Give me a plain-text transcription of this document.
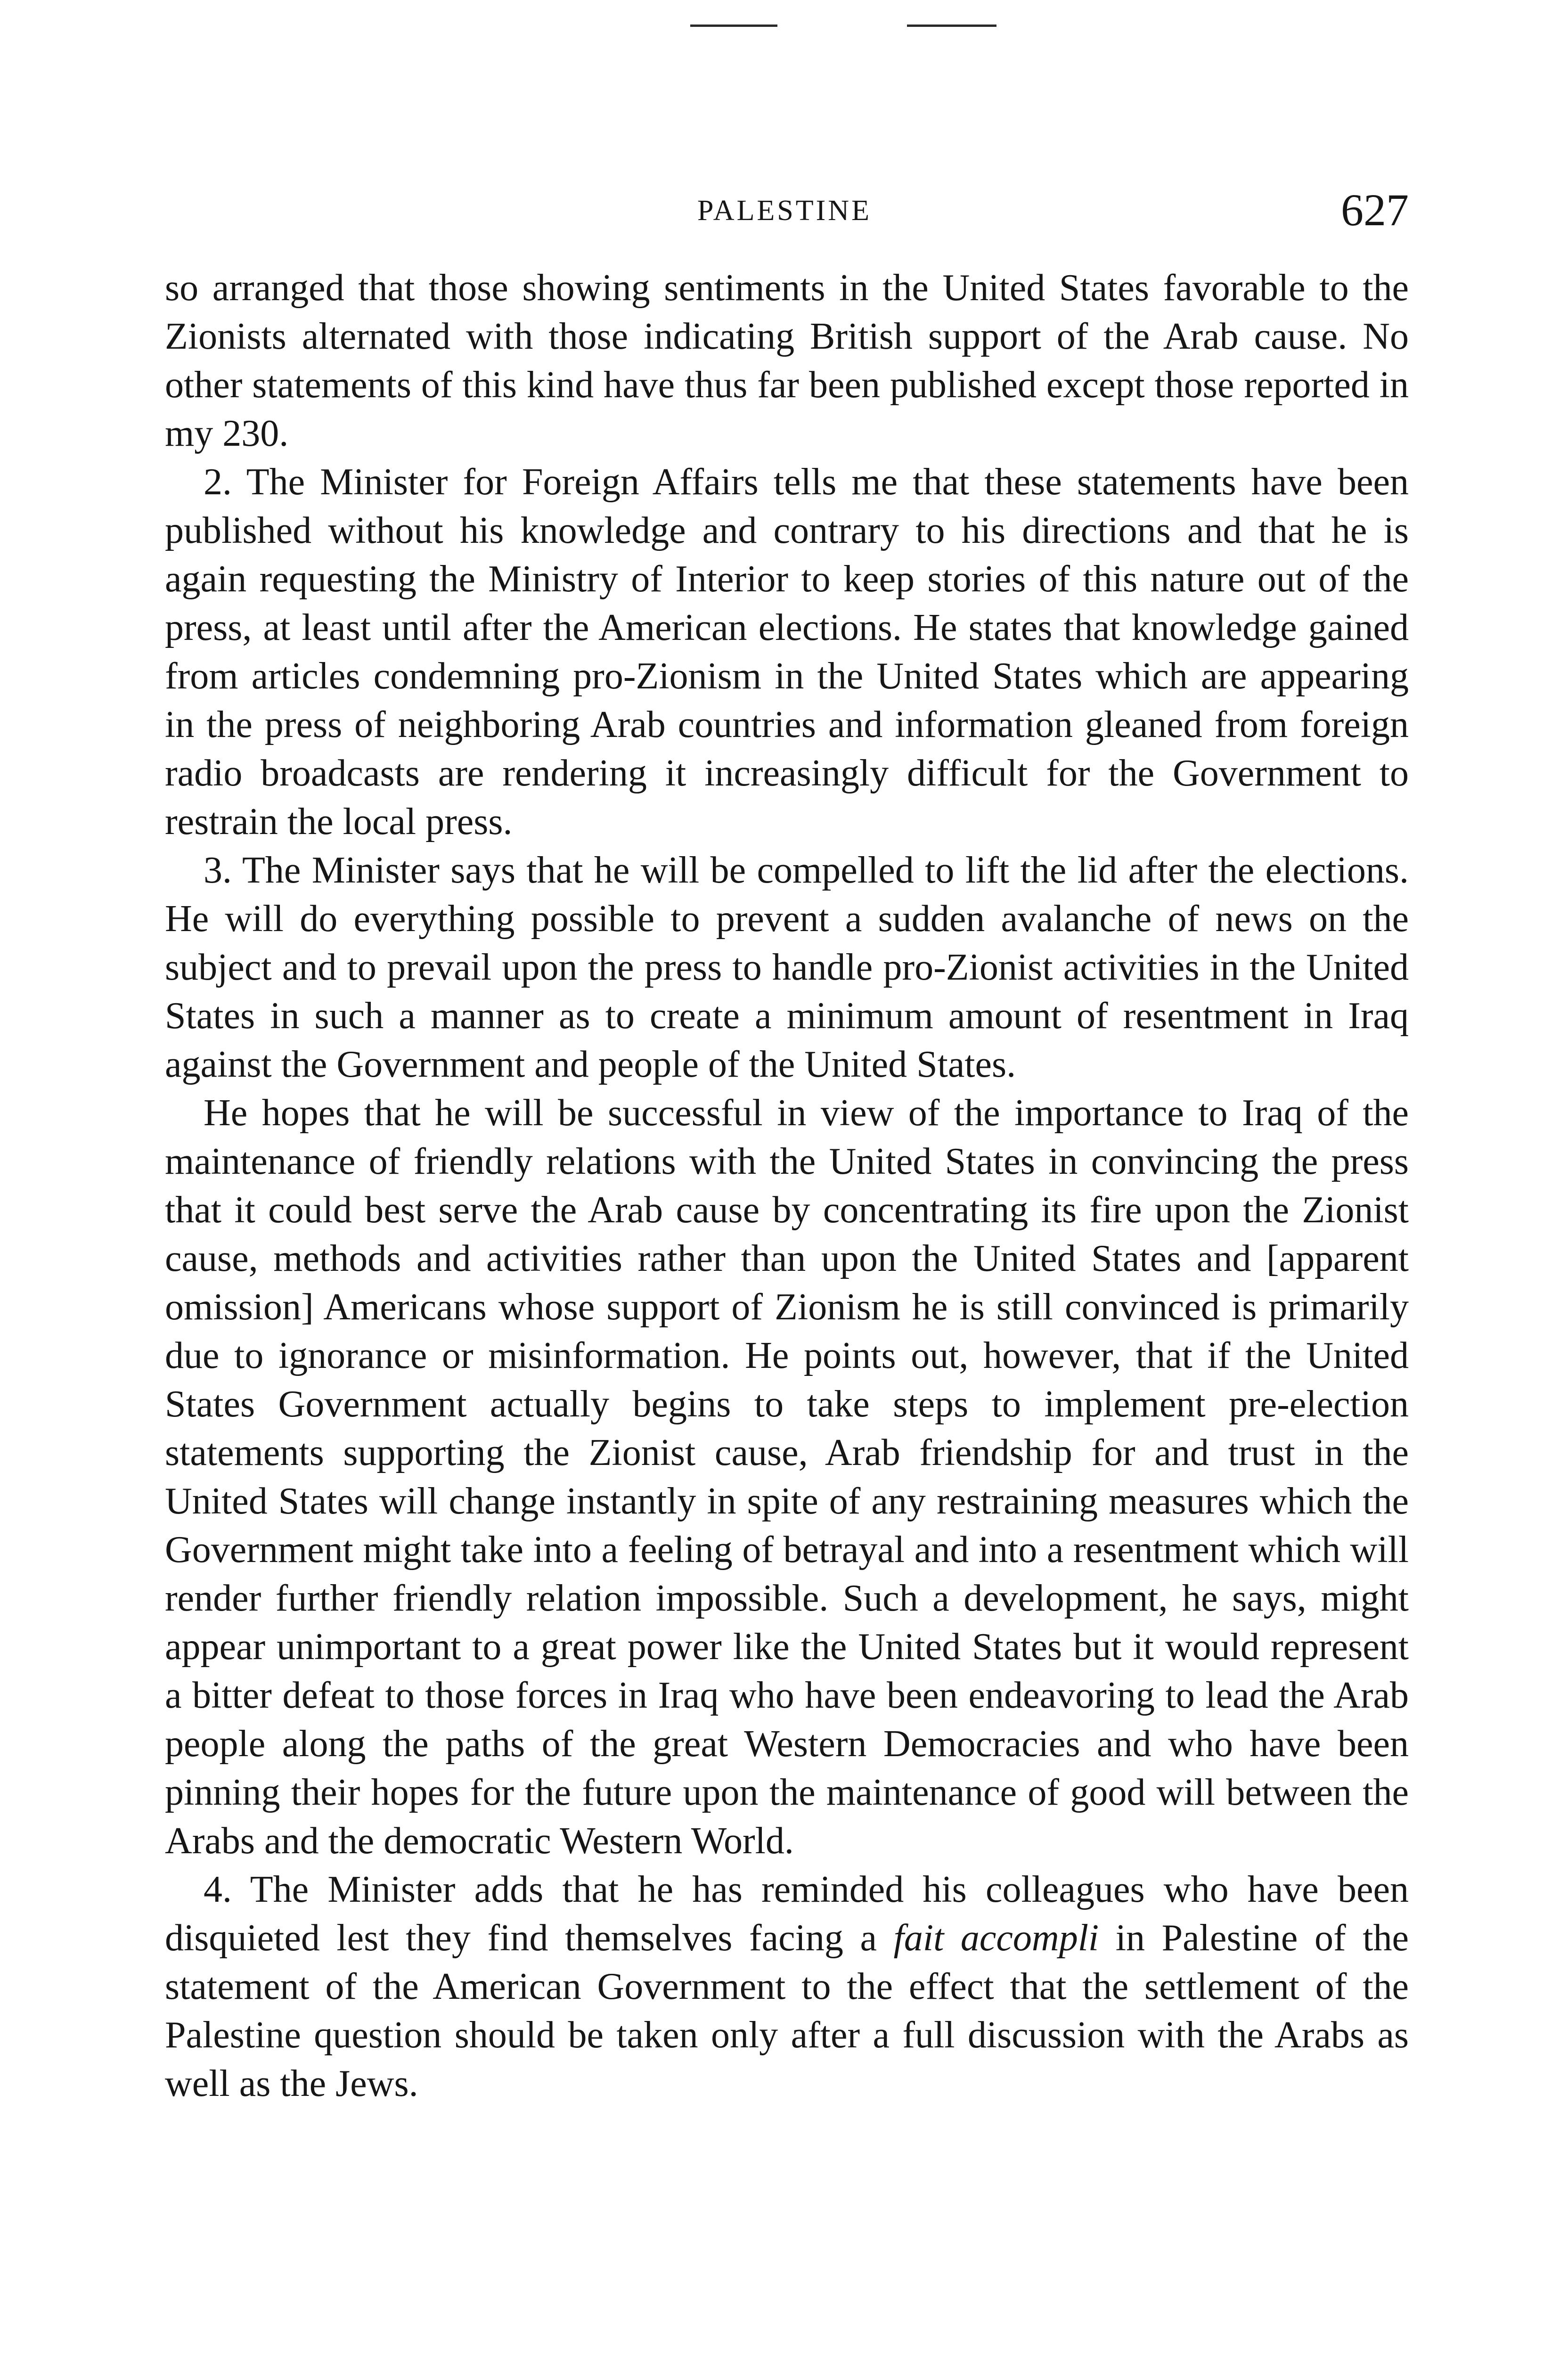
PALESTINE	627

so arranged that those showing sentiments in the United States favorable to the Zionists alternated with those indicating British support of the Arab cause. No other statements of this kind have thus far been published except those reported in my 230.

2. The Minister for Foreign Affairs tells me that these statements have been published without his knowledge and contrary to his directions and that he is again requesting the Ministry of Interior to keep stories of this nature out of the press, at least until after the American elections. He states that knowledge gained from articles condemning pro-Zionism in the United States which are appearing in the press of neighboring Arab countries and information gleaned from foreign radio broadcasts are rendering it increasingly difficult for the Government to restrain the local press.

3. The Minister says that he will be compelled to lift the lid after the elections. He will do everything possible to prevent a sudden avalanche of news on the subject and to prevail upon the press to handle pro-Zionist activities in the United States in such a manner as to create a minimum amount of resentment in Iraq against the Government and people of the United States.

He hopes that he will be successful in view of the importance to Iraq of the maintenance of friendly relations with the United States in convincing the press that it could best serve the Arab cause by concentrating its fire upon the Zionist cause, methods and activities rather than upon the United States and [apparent omission] Americans whose support of Zionism he is still convinced is primarily due to ignorance or misinformation. He points out, however, that if the United States Government actually begins to take steps to implement pre-election statements supporting the Zionist cause, Arab friendship for and trust in the United States will change instantly in spite of any restraining measures which the Government might take into a feeling of betrayal and into a resentment which will render further friendly relation impossible. Such a development, he says, might appear unimportant to a great power like the United States but it would represent a bitter defeat to those forces in Iraq who have been endeavoring to lead the Arab people along the paths of the great Western Democracies and who have been pinning their hopes for the future upon the maintenance of good will between the Arabs and the democratic Western World.

4. The Minister adds that he has reminded his colleagues who have been disquieted lest they find themselves facing a fait accompli in Palestine of the statement of the American Government to the effect that the settlement of the Palestine question should be taken only after a full discussion with the Arabs as well as the Jews.
